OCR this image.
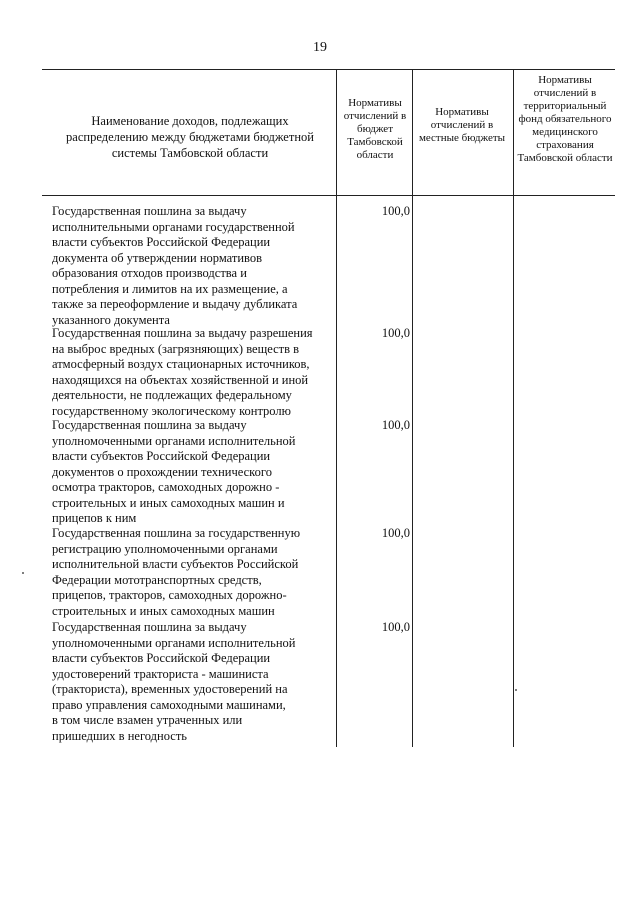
19
Наименование доходов, подлежащих распределению между бюджетами бюджетной системы Тамбовской области
Нормативы отчислений в бюджет Тамбовской области
Нормативы отчислений в местные бюджеты
Нормативы отчислений в территориальный фонд обязательного медицинского страхования Тамбовской области
Государственная пошлина за выдачу
исполнительными органами государственной
власти субъектов Российской Федерации
документа об утверждении нормативов
образования отходов производства и
потребления и лимитов на их размещение, а
также за переоформление и выдачу дубликата
указанного документа
100,0
Государственная пошлина за выдачу разрешения
на выброс вредных (загрязняющих) веществ в
атмосферный воздух стационарных источников,
находящихся на объектах хозяйственной и иной
деятельности, не подлежащих федеральному
государственному экологическому контролю
100,0
Государственная пошлина за выдачу
уполномоченными органами исполнительной
власти субъектов Российской Федерации
документов о прохождении технического
осмотра тракторов, самоходных дорожно -
строительных и иных самоходных машин и
прицепов к ним
100,0
Государственная пошлина за государственную
регистрацию уполномоченными органами
исполнительной власти субъектов Российской
Федерации мототранспортных средств,
прицепов, тракторов, самоходных дорожно-
строительных и иных самоходных машин
100,0
Государственная пошлина за выдачу
уполномоченными органами исполнительной
власти субъектов Российской Федерации
удостоверений тракториста - машиниста
(тракториста), временных удостоверений на
право управления самоходными машинами,
в том числе взамен утраченных или
пришедших в негодность
100,0
